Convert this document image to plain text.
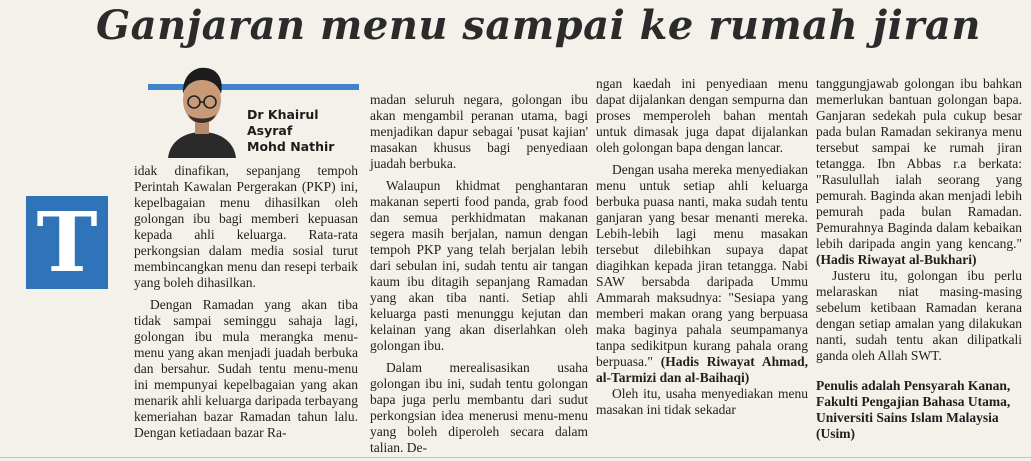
Ganjaran menu sampai ke rumah jiran
Dr Khairul Asyraf
Mohd Nathir
T

idak dinafikan, sepanjang tempoh Perintah Kawalan Pergerakan (PKP) ini, kepelbagaian menu dihasilkan oleh golongan ibu bagi memberi kepuasan kepada ahli keluarga. Rata-rata perkongsian dalam media sosial turut membincangkan menu dan resepi terbaik yang boleh dihasilkan.

Dengan Ramadan yang akan tiba tidak sampai seminggu sahaja lagi, golongan ibu mula merangka menu-menu yang akan menjadi juadah berbuka dan bersahur. Sudah tentu menu-menu ini mempunyai kepelbagaian yang akan menarik ahli keluarga daripada terbayang kemeriahan bazar Ramadan tahun lalu. Dengan ketiadaan bazar Ra-

madan seluruh negara, golongan ibu akan mengambil peranan utama, bagi menjadikan dapur sebagai 'pusat kajian' masakan khusus bagi penyediaan juadah berbuka.

Walaupun khidmat penghantaran makanan seperti food panda, grab food dan semua perkhidmatan makanan segera masih berjalan, namun dengan tempoh PKP yang telah berjalan lebih dari sebulan ini, sudah tentu air tangan kaum ibu ditagih sepanjang Ramadan yang akan tiba nanti. Setiap ahli keluarga pasti menunggu kejutan dan kelainan yang akan diserlahkan oleh golongan ibu.

Dalam merealisasikan usaha golongan ibu ini, sudah tentu golongan bapa juga perlu membantu dari sudut perkongsian idea menerusi menu-menu yang boleh diperoleh secara dalam talian. De-

ngan kaedah ini penyediaan menu dapat dijalankan dengan sempurna dan proses memperoleh bahan mentah untuk dimasak juga dapat dijalankan oleh golongan bapa dengan lancar.

Dengan usaha mereka menyediakan menu untuk setiap ahli keluarga berbuka puasa nanti, maka sudah tentu ganjaran yang besar menanti mereka. Lebih-lebih lagi menu masakan tersebut dilebihkan supaya dapat diagihkan kepada jiran tetangga. Nabi SAW bersabda daripada Ummu Ammarah maksudnya: "Sesiapa yang memberi makan orang yang berpuasa maka baginya pahala seumpamanya tanpa sedikitpun kurang pahala orang berpuasa." (Hadis Riwayat Ahmad, al-Tarmizi dan al-Baihaqi)

Oleh itu, usaha menyediakan menu masakan ini tidak sekadar

tanggungjawab golongan ibu bahkan memerlukan bantuan golongan bapa. Ganjaran sedekah pula cukup besar pada bulan Ramadan sekiranya menu tersebut sampai ke rumah jiran tetangga. Ibn Abbas r.a berkata: "Rasulullah ialah seorang yang pemurah. Baginda akan menjadi lebih pemurah pada bulan Ramadan. Pemurahnya Baginda dalam kebaikan lebih daripada angin yang kencang." (Hadis Riwayat al-Bukhari)

Justeru itu, golongan ibu perlu melaraskan niat masing-masing sebelum ketibaan Ramadan kerana dengan setiap amalan yang dilakukan nanti, sudah tentu akan dilipatkali ganda oleh Allah SWT.

Penulis adalah Pensyarah Kanan, Fakulti Pengajian Bahasa Utama, Universiti Sains Islam Malaysia (Usim)
